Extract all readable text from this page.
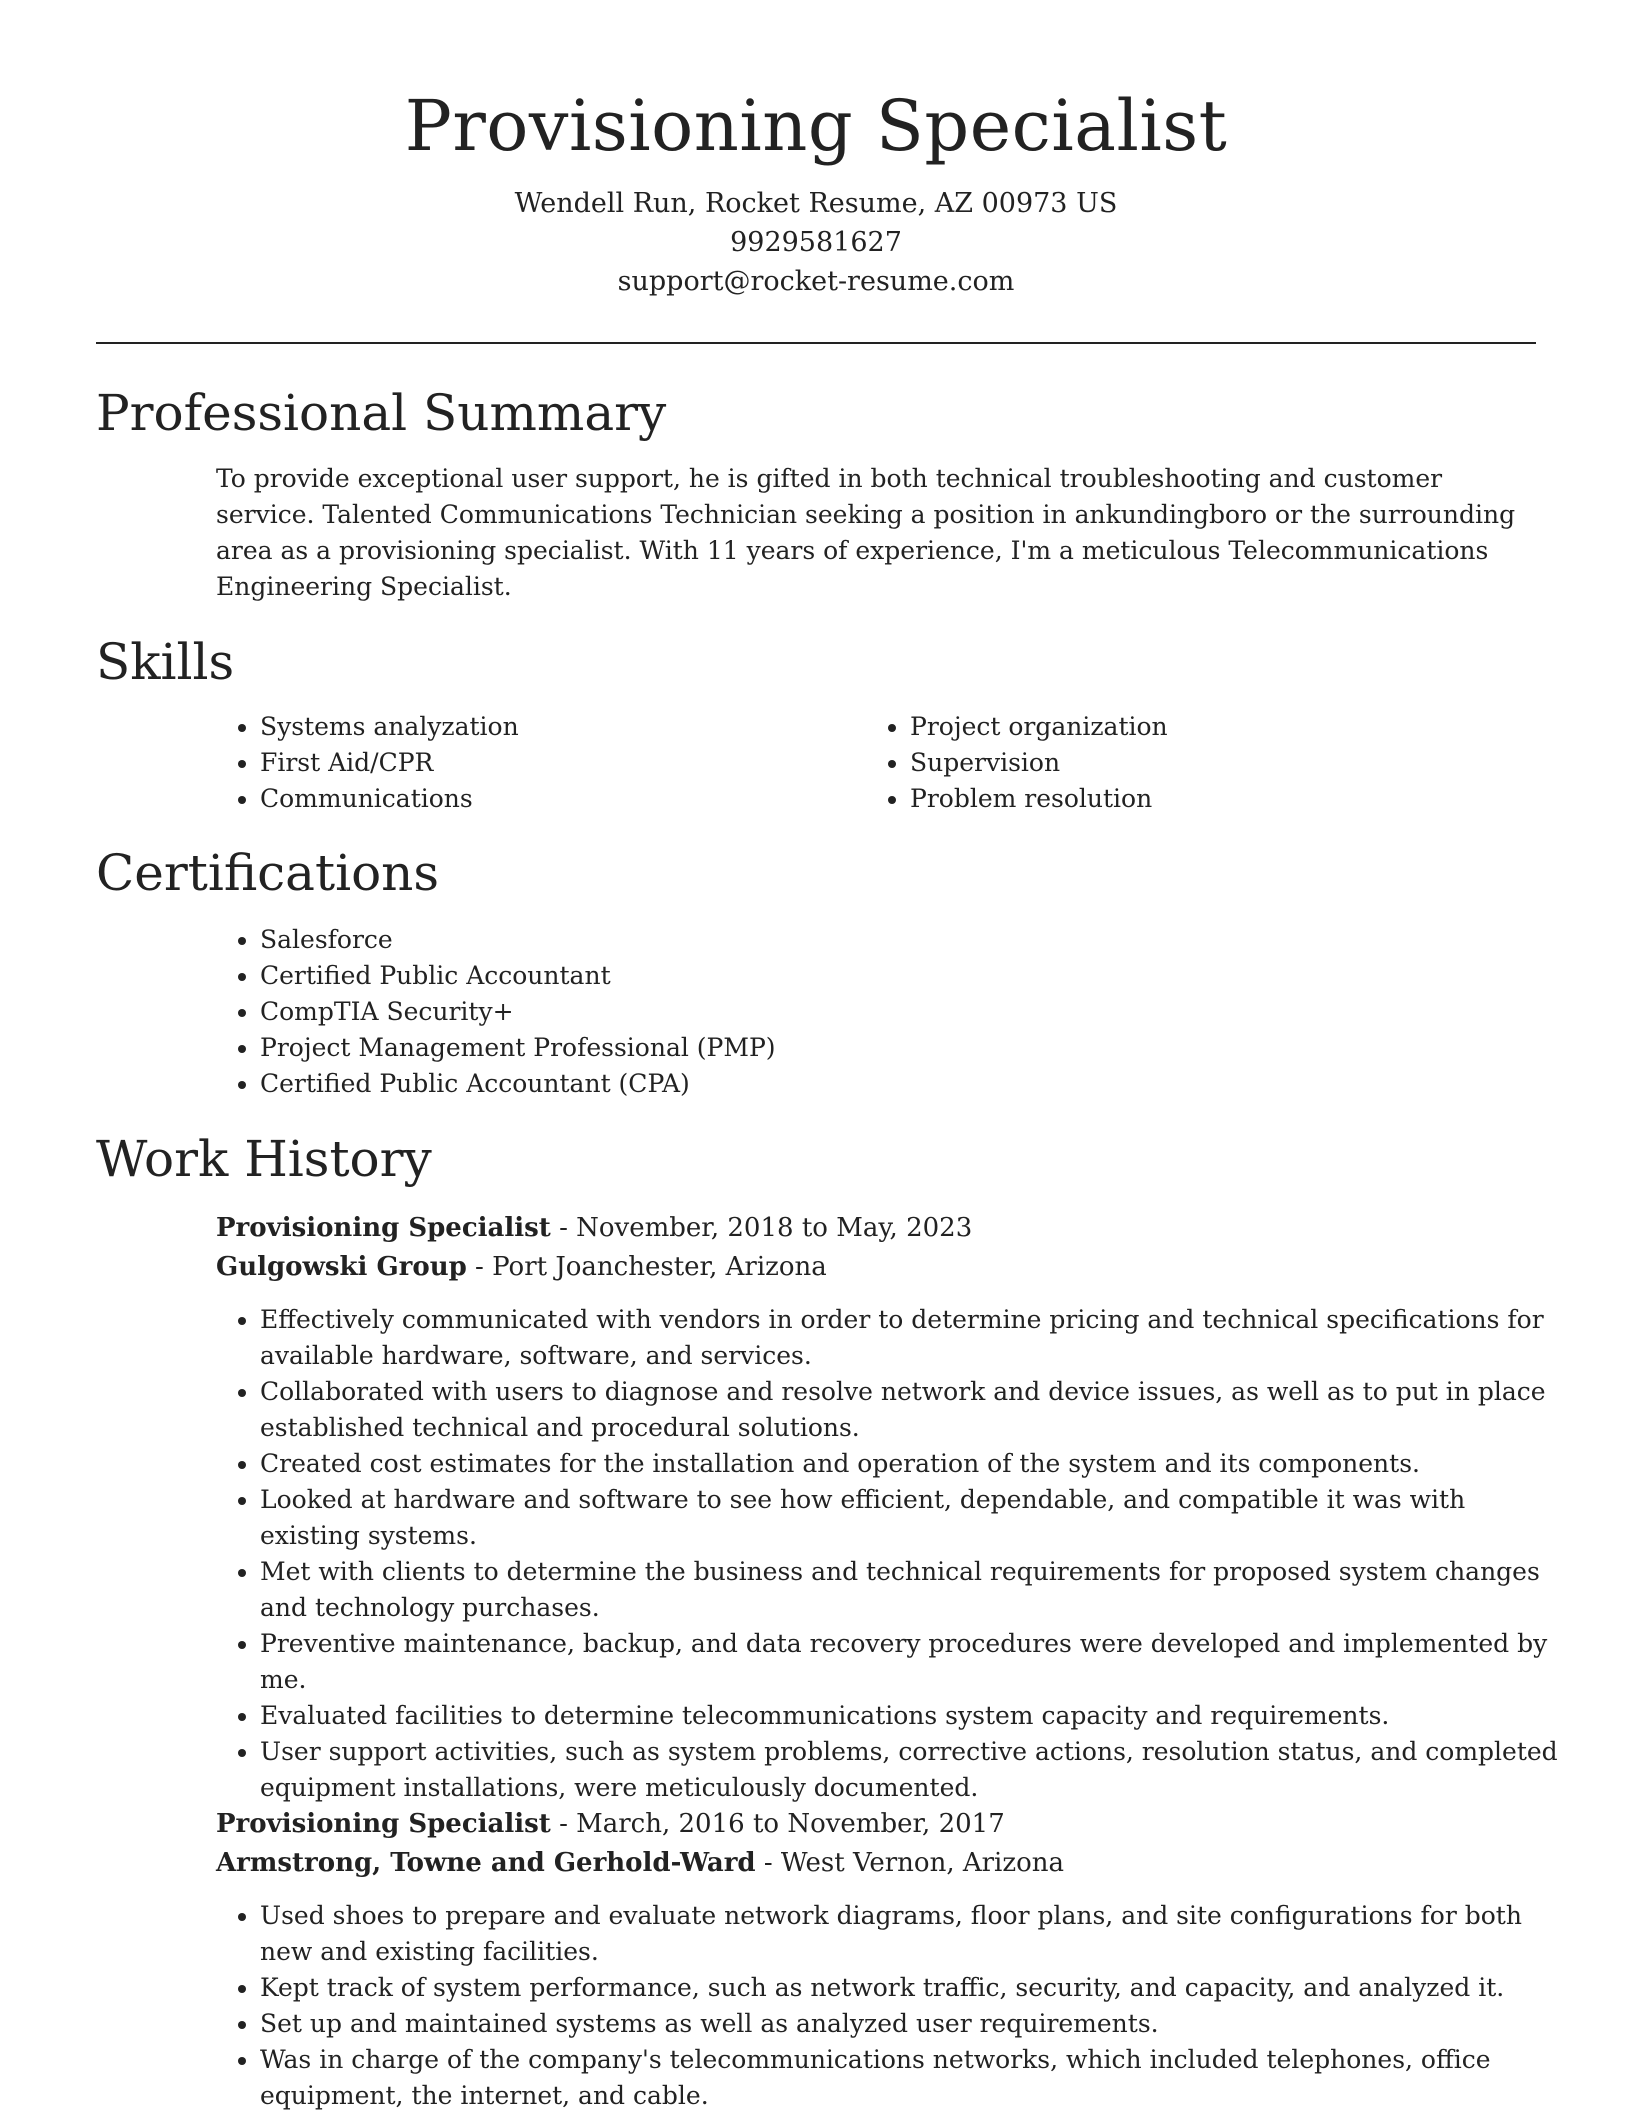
Provisioning Specialist

Wendell Run, Rocket Resume, AZ 00973 US

9929581627

support@rocket-resume.com

Professional Summary

To provide exceptional user support, he is gifted in both technical troubleshooting and customer service. Talented Communications Technician seeking a position in ankundingboro or the surrounding area as a provisioning specialist. With 11 years of experience, I'm a meticulous Telecommunications Engineering Specialist.

Skills
• Systems analyzation
• First Aid/CPR
• Communications
• Project organization
• Supervision
• Problem resolution
Certifications
• Salesforce
• Certified Public Accountant
• CompTIA Security+
• Project Management Professional (PMP)
• Certified Public Accountant (CPA)
Work History
Provisioning Specialist - November, 2018 to May, 2023
Gulgowski Group - Port Joanchester, Arizona
• Effectively communicated with vendors in order to determine pricing and technical specifications for available hardware, software, and services.
• Collaborated with users to diagnose and resolve network and device issues, as well as to put in place established technical and procedural solutions.
• Created cost estimates for the installation and operation of the system and its components.
• Looked at hardware and software to see how efficient, dependable, and compatible it was with existing systems.
• Met with clients to determine the business and technical requirements for proposed system changes and technology purchases.
• Preventive maintenance, backup, and data recovery procedures were developed and implemented by me.
• Evaluated facilities to determine telecommunications system capacity and requirements.
• User support activities, such as system problems, corrective actions, resolution status, and completed equipment installations, were meticulously documented.
Provisioning Specialist - March, 2016 to November, 2017
Armstrong, Towne and Gerhold-Ward - West Vernon, Arizona
• Used shoes to prepare and evaluate network diagrams, floor plans, and site configurations for both new and existing facilities.
• Kept track of system performance, such as network traffic, security, and capacity, and analyzed it.
• Set up and maintained systems as well as analyzed user requirements.
• Was in charge of the company's telecommunications networks, which included telephones, office equipment, the internet, and cable.
